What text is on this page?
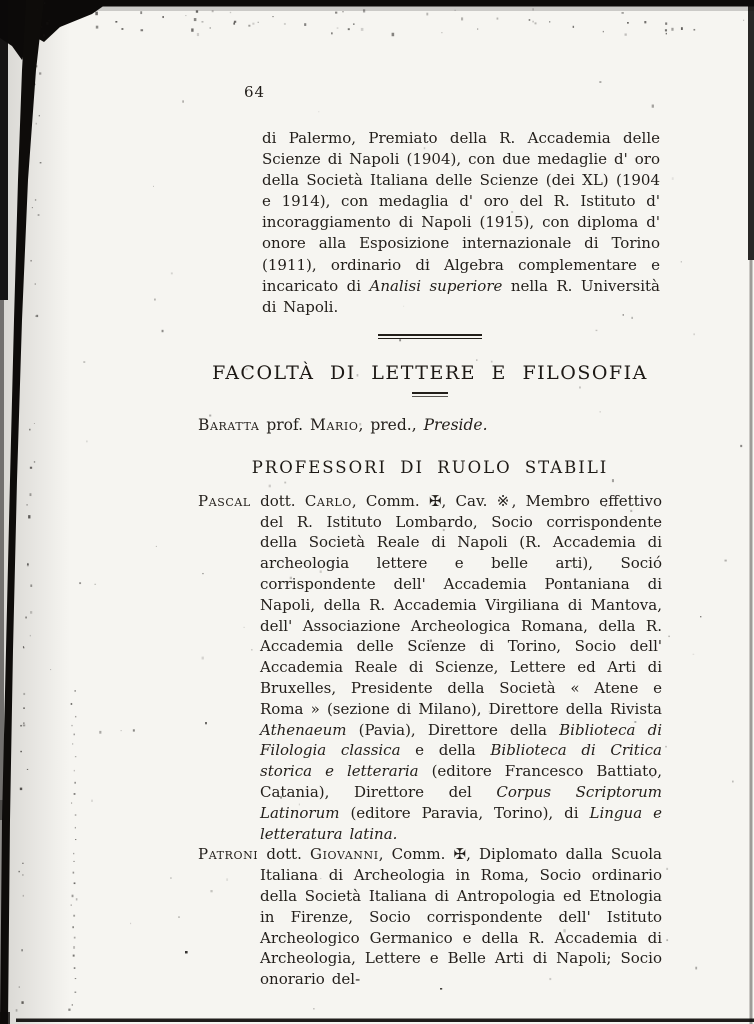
64

di Palermo, Premiato della R. Accademia delle Scienze di Napoli (1904), con due medaglie d' oro della Società Italiana delle Scienze (dei XL) (1904 e 1914), con medaglia d' oro del R. Istituto d' incoraggiamento di Napoli (1915), con diploma d' onore alla Esposizione internazionale di Torino (1911), ordinario di Algebra complementare e incaricato di Analisi superiore nella R. Università di Napoli.

FACOLTÀ DI LETTERE E FILOSOFIA

Baratta prof. Mario, pred., Preside.

PROFESSORI DI RUOLO STABILI

Pascal dott. Carlo, Comm. ✠, Cav. ※, Membro effettivo del R. Istituto Lombardo, Socio corrispondente della Società Reale di Napoli (R. Accademia di archeologia lettere e belle arti), Soció corrispondente dell' Accademia Pontaniana di Napoli, della R. Accademia Virgiliana di Mantova, dell' Associazione Archeologica Romana, della R. Accademia delle Scienze di Torino, Socio dell' Accademia Reale di Scienze, Lettere ed Arti di Bruxelles, Presidente della Società « Atene e Roma » (sezione di Milano), Direttore della Rivista Athenaeum (Pavia), Direttore della Biblioteca di Filologia classica e della Biblioteca di Critica storica e letteraria (editore Francesco Battiato, Catania), Direttore del Corpus Scriptorum Latinorum (editore Paravia, Torino), di Lingua e letteratura latina.

Patroni dott. Giovanni, Comm. ✠, Diplomato dalla Scuola Italiana di Archeologia in Roma, Socio ordinario della Società Italiana di Antropologia ed Etnologia in Firenze, Socio corrispondente dell' Istituto Archeologico Germanico e della R. Accademia di Archeologia, Lettere e Belle Arti di Napoli; Socio onorario del-
